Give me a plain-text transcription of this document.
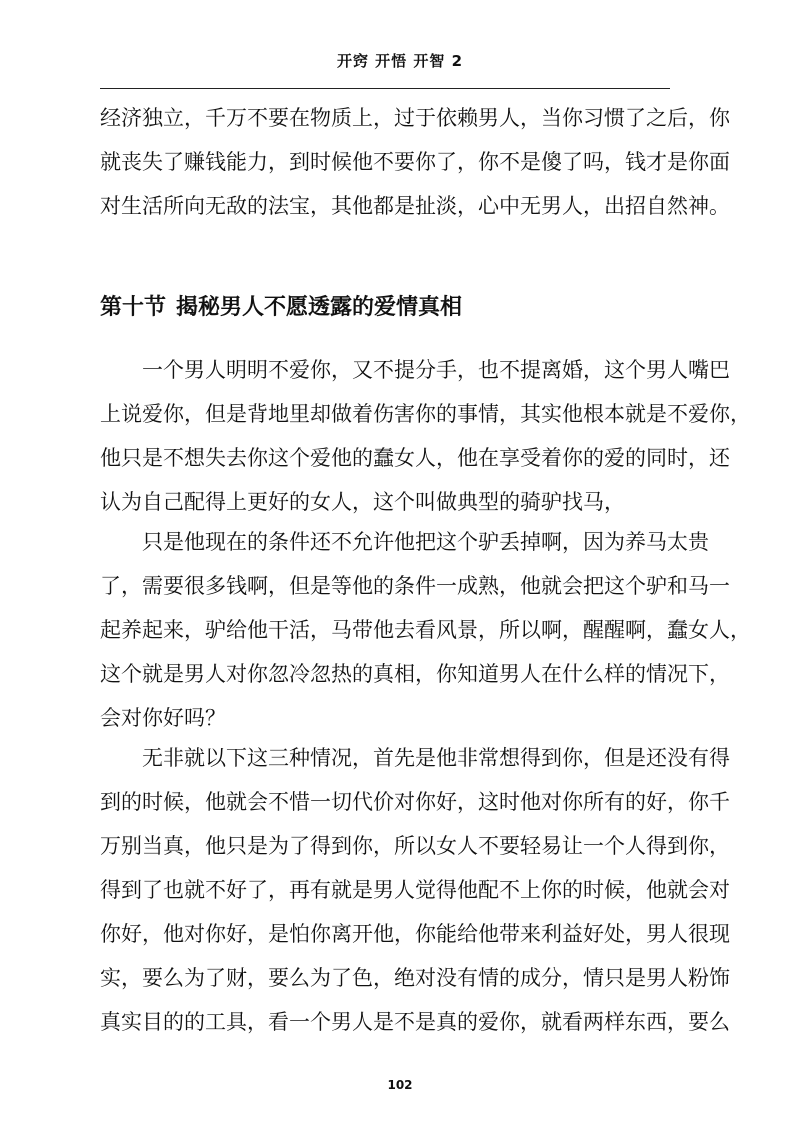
开窍 开悟 开智 2
经济独立，千万不要在物质上，过于依赖男人，当你习惯了之后，你
就丧失了赚钱能力，到时候他不要你了，你不是傻了吗，钱才是你面
对生活所向无敌的法宝，其他都是扯淡，心中无男人，出招自然神。
第十节 揭秘男人不愿透露的爱情真相
一个男人明明不爱你，又不提分手，也不提离婚，这个男人嘴巴
上说爱你，但是背地里却做着伤害你的事情，其实他根本就是不爱你，
他只是不想失去你这个爱他的蠢女人，他在享受着你的爱的同时，还
认为自己配得上更好的女人，这个叫做典型的骑驴找马，
只是他现在的条件还不允许他把这个驴丢掉啊，因为养马太贵
了，需要很多钱啊，但是等他的条件一成熟，他就会把这个驴和马一
起养起来，驴给他干活，马带他去看风景，所以啊，醒醒啊，蠢女人，
这个就是男人对你忽冷忽热的真相，你知道男人在什么样的情况下，
会对你好吗？
无非就以下这三种情况，首先是他非常想得到你，但是还没有得
到的时候，他就会不惜一切代价对你好，这时他对你所有的好，你千
万别当真，他只是为了得到你，所以女人不要轻易让一个人得到你，
得到了也就不好了，再有就是男人觉得他配不上你的时候，他就会对
你好，他对你好，是怕你离开他，你能给他带来利益好处，男人很现
实，要么为了财，要么为了色，绝对没有情的成分，情只是男人粉饰
真实目的的工具，看一个男人是不是真的爱你，就看两样东西，要么
102
